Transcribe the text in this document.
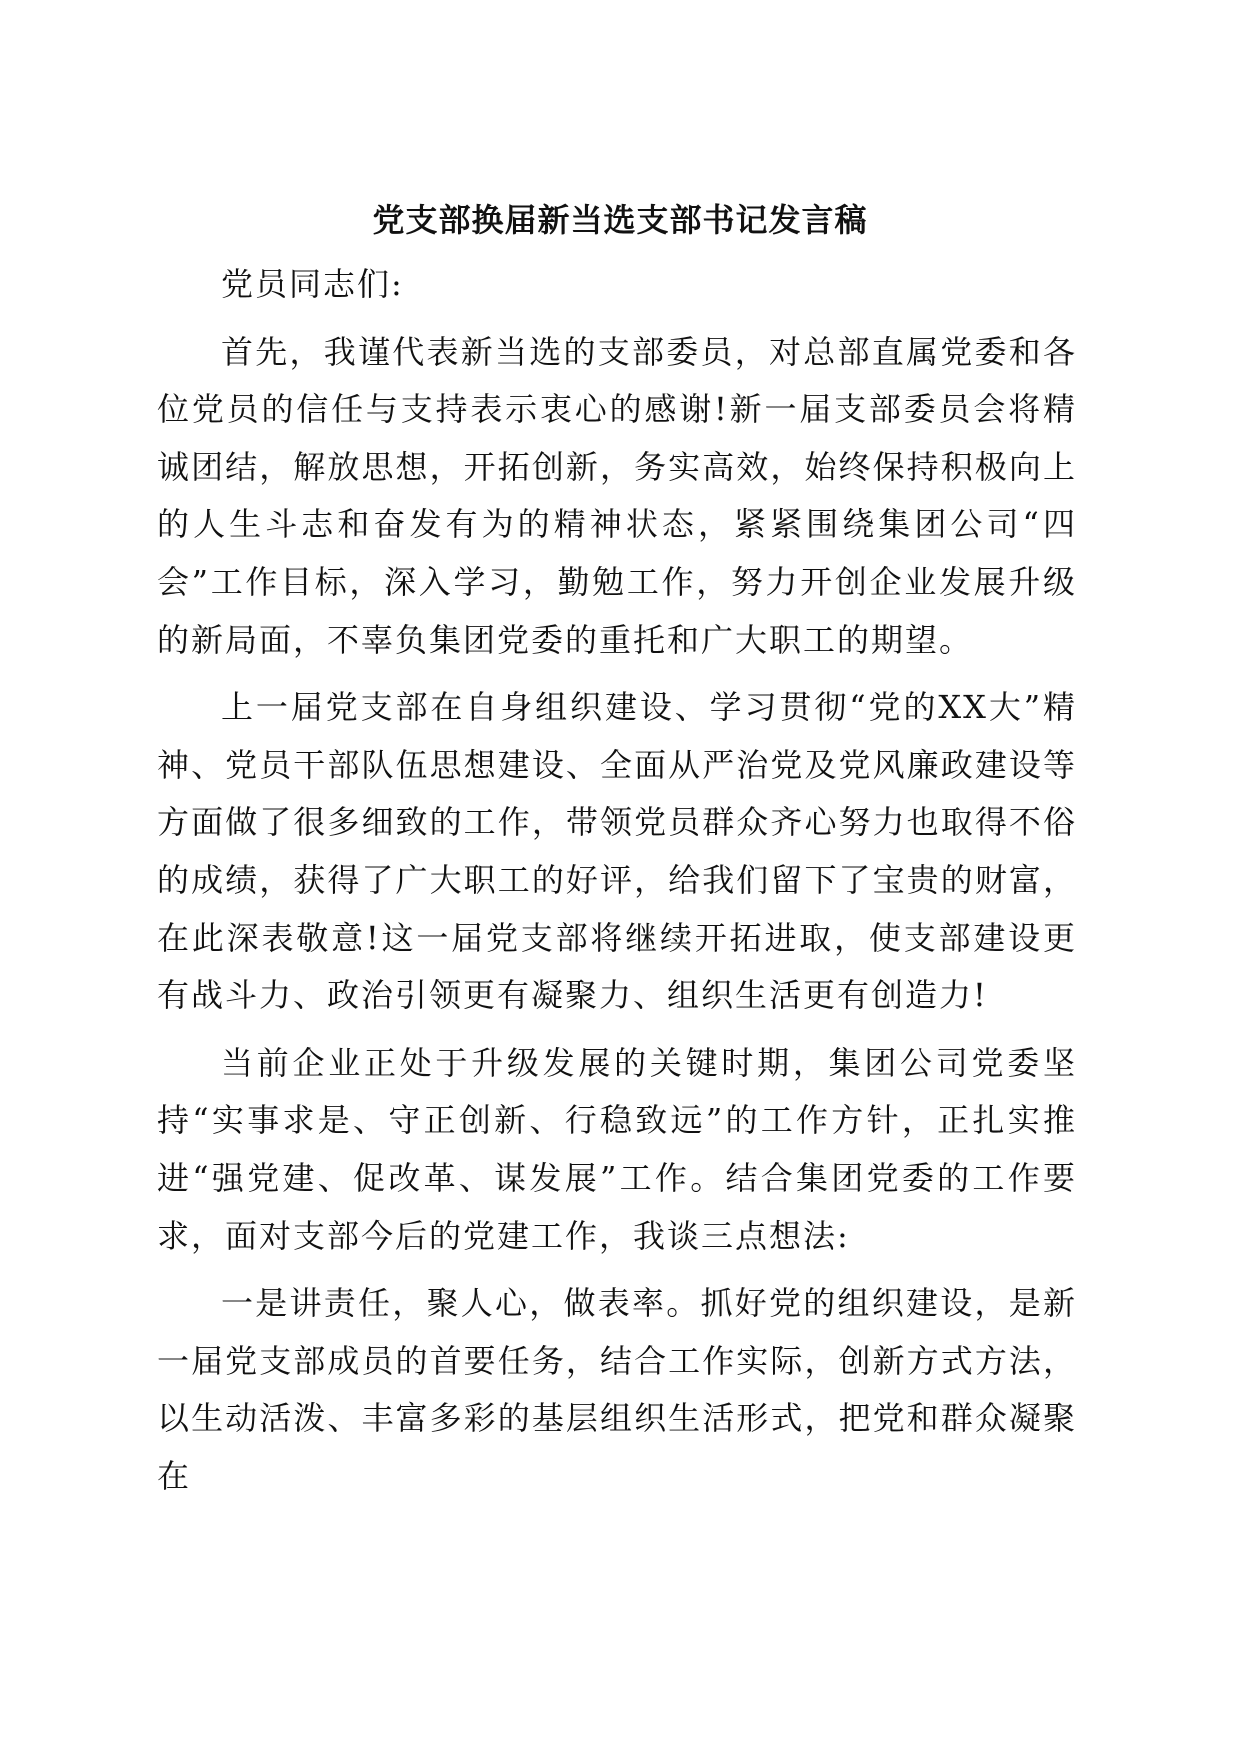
党支部换届新当选支部书记发言稿

党员同志们:

首先，我谨代表新当选的支部委员，对总部直属党委和各位党员的信任与支持表示衷心的感谢!新一届支部委员会将精诚团结，解放思想，开拓创新，务实高效，始终保持积极向上的人生斗志和奋发有为的精神状态，紧紧围绕集团公司“四会”工作目标，深入学习，勤勉工作，努力开创企业发展升级的新局面，不辜负集团党委的重托和广大职工的期望。

上一届党支部在自身组织建设、学习贯彻“党的XX大”精神、党员干部队伍思想建设、全面从严治党及党风廉政建设等方面做了很多细致的工作，带领党员群众齐心努力也取得不俗的成绩，获得了广大职工的好评，给我们留下了宝贵的财富，在此深表敬意!这一届党支部将继续开拓进取，使支部建设更有战斗力、政治引领更有凝聚力、组织生活更有创造力!

当前企业正处于升级发展的关键时期，集团公司党委坚持“实事求是、守正创新、行稳致远”的工作方针，正扎实推进“强党建、促改革、谋发展”工作。结合集团党委的工作要求，面对支部今后的党建工作，我谈三点想法:

一是讲责任，聚人心，做表率。抓好党的组织建设，是新一届党支部成员的首要任务，结合工作实际，创新方式方法，以生动活泼、丰富多彩的基层组织生活形式，把党和群众凝聚在
